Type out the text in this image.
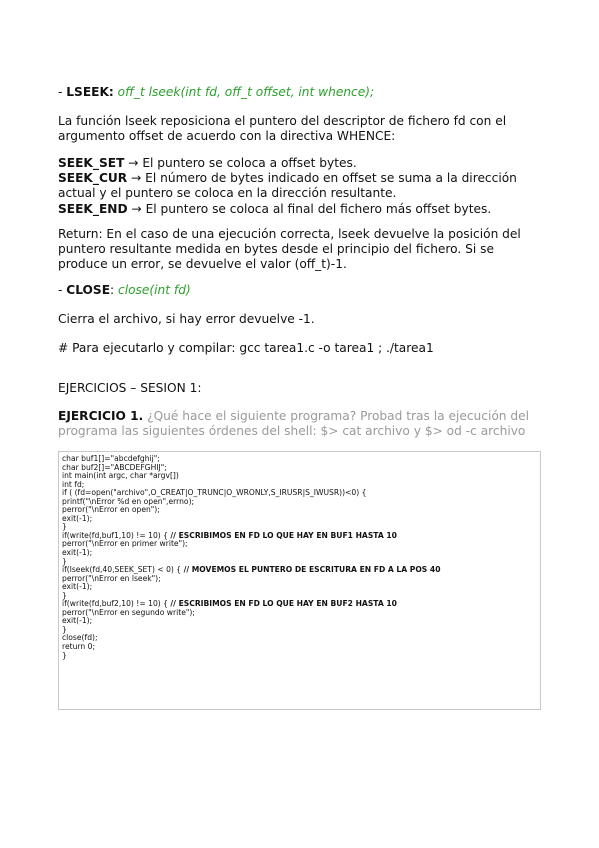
- LSEEK: off_t lseek(int fd, off_t offset, int whence);
La función lseek reposiciona el puntero del descriptor de fichero fd con el argumento offset de acuerdo con la directiva WHENCE:
SEEK_SET → El puntero se coloca a offset bytes.
SEEK_CUR → El número de bytes indicado en offset se suma a la dirección actual y el puntero se coloca en la dirección resultante.
SEEK_END → El puntero se coloca al final del fichero más offset bytes.
Return: En el caso de una ejecución correcta, lseek devuelve la posición del puntero resultante medida en bytes desde el principio del fichero. Si se produce un error, se devuelve el valor (off_t)-1.
- CLOSE: close(int fd)
Cierra el archivo, si hay error devuelve -1.
# Para ejecutarlo y compilar: gcc tarea1.c -o tarea1 ; ./tarea1
EJERCICIOS – SESION 1:
EJERCICIO 1. ¿Qué hace el siguiente programa? Probad tras la ejecución del programa las siguientes órdenes del shell: $> cat archivo y $> od -c archivo
char buf1[]="abcdefghij";
char buf2[]="ABCDEFGHIJ";
int main(int argc, char *argv[])
int fd;
if ( (fd=open("archivo",O_CREAT|O_TRUNC|O_WRONLY,S_IRUSR|S_IWUSR))<0) {
printf("\nError %d en open",errno);
perror("\nError en open");
exit(-1);
}
if(write(fd,buf1,10) != 10) { // ESCRIBIMOS EN FD LO QUE HAY EN BUF1 HASTA 10
perror("\nError en primer write");
exit(-1);
}
if(lseek(fd,40,SEEK_SET) < 0) { // MOVEMOS EL PUNTERO DE ESCRITURA EN FD A LA POS 40
perror("\nError en lseek");
exit(-1);
}
if(write(fd,buf2,10) != 10) { // ESCRIBIMOS EN FD LO QUE HAY EN BUF2 HASTA 10
perror("\nError en segundo write");
exit(-1);
}
close(fd);
return 0;
}
